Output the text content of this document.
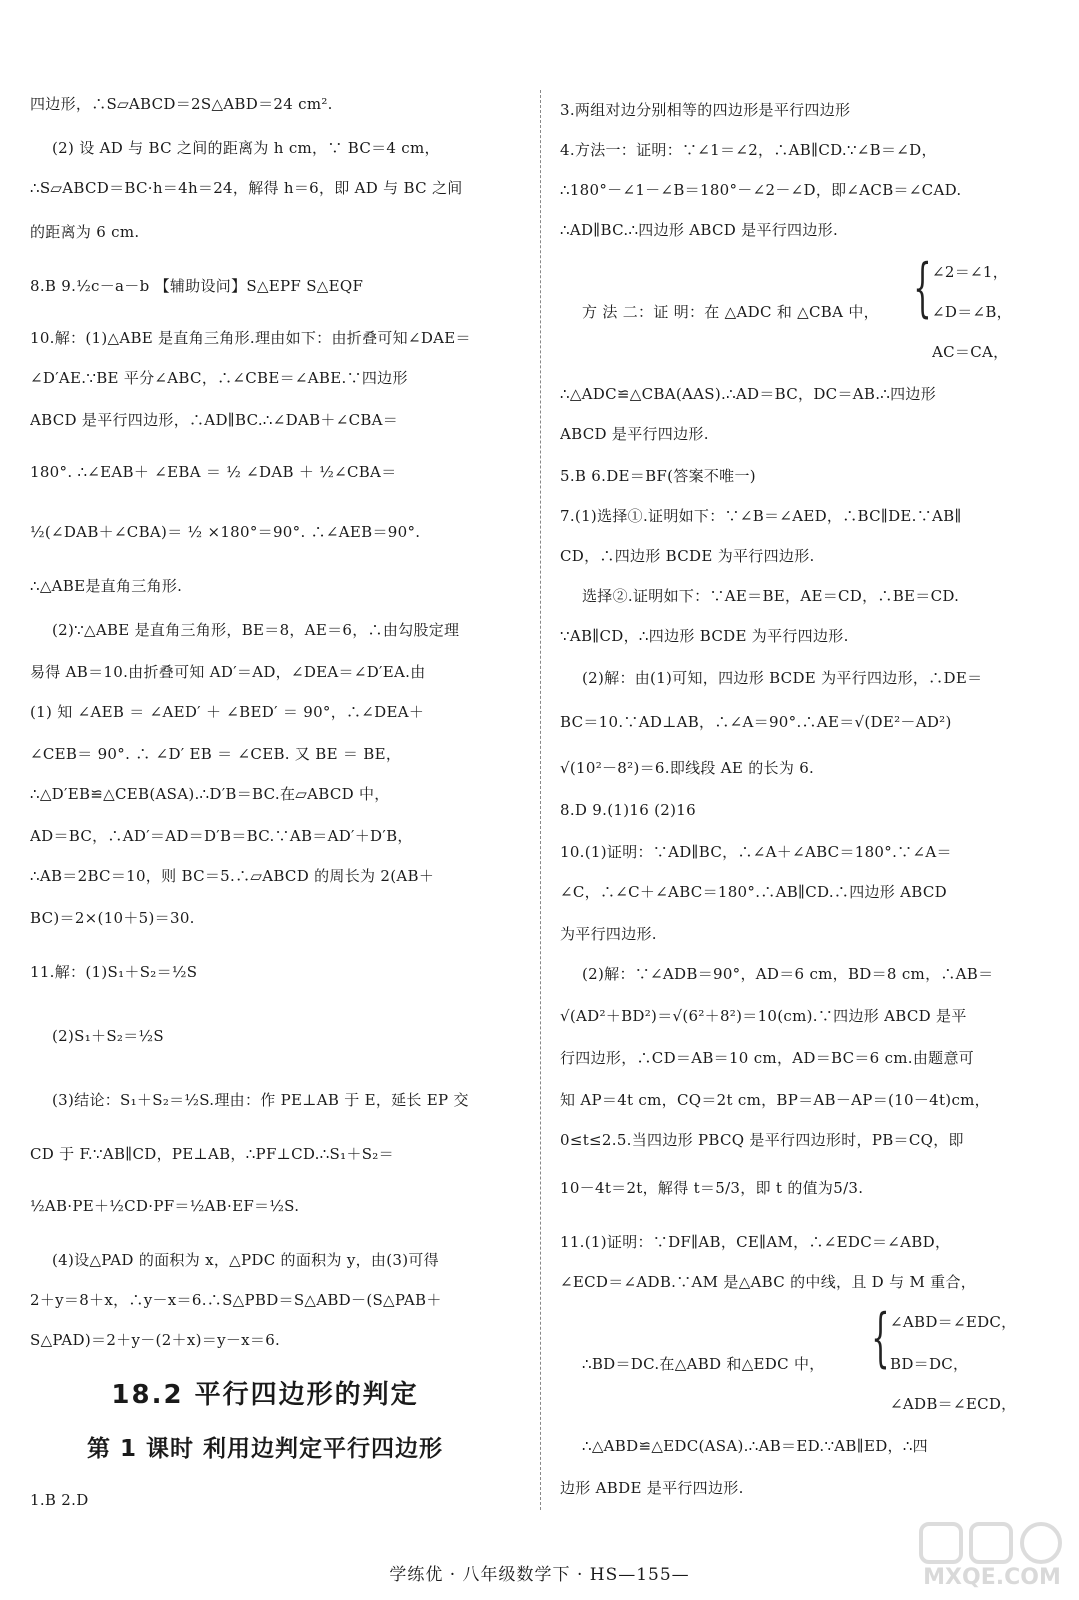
四边形，∴S▱ABCD＝2S△ABD＝24 cm².
(2) 设 AD 与 BC 之间的距离为 h cm，∵ BC＝4 cm，
∴S▱ABCD＝BC·h＝4h＝24，解得 h＝6，即 AD 与 BC 之间
的距离为 6 cm.
8.B 9.½c－a－b 【辅助设问】S△EPF S△EQF
10.解：(1)△ABE 是直角三角形.理由如下：由折叠可知∠DAE＝
∠D′AE.∵BE 平分∠ABC，∴∠CBE＝∠ABE.∵四边形
ABCD 是平行四边形，∴AD∥BC.∴∠DAB＋∠CBA＝
180°. ∴∠EAB＋ ∠EBA ＝ ½ ∠DAB ＋ ½∠CBA＝
½(∠DAB＋∠CBA)＝ ½ ×180°＝90°. ∴∠AEB＝90°.
∴△ABE是直角三角形.
(2)∵△ABE 是直角三角形，BE＝8，AE＝6，∴由勾股定理
易得 AB＝10.由折叠可知 AD′＝AD，∠DEA＝∠D′EA.由
(1) 知 ∠AEB ＝ ∠AED′ ＋ ∠BED′ ＝ 90°，∴∠DEA＋
∠CEB＝ 90°. ∴ ∠D′ EB ＝ ∠CEB. 又 BE ＝ BE，
∴△D′EB≌△CEB(ASA).∴D′B＝BC.在▱ABCD 中，
AD＝BC，∴AD′＝AD＝D′B＝BC.∵AB＝AD′＋D′B，
∴AB＝2BC＝10，则 BC＝5.∴▱ABCD 的周长为 2(AB＋
BC)＝2×(10＋5)＝30.
11.解：(1)S₁＋S₂＝½S
(2)S₁＋S₂＝½S
(3)结论：S₁＋S₂＝½S.理由：作 PE⊥AB 于 E，延长 EP 交
CD 于 F.∵AB∥CD，PE⊥AB，∴PF⊥CD.∴S₁＋S₂＝
½AB·PE＋½CD·PF＝½AB·EF＝½S.
(4)设△PAD 的面积为 x，△PDC 的面积为 y，由(3)可得
2＋y＝8＋x，∴y－x＝6.∴S△PBD＝S△ABD－(S△PAB＋
S△PAD)＝2＋y－(2＋x)＝y－x＝6.
18.2 平行四边形的判定
第 1 课时 利用边判定平行四边形
1.B 2.D
3.两组对边分别相等的四边形是平行四边形
4.方法一：证明：∵∠1＝∠2，∴AB∥CD.∵∠B＝∠D，
∴180°－∠1－∠B＝180°－∠2－∠D，即∠ACB＝∠CAD.
∴AD∥BC.∴四边形 ABCD 是平行四边形.
{ ∠2＝∠1，
方 法 二：证 明：在 △ADC 和 △CBA 中，	∠D＝∠B，
AC＝CA，
∴△ADC≌△CBA(AAS).∴AD＝BC，DC＝AB.∴四边形
ABCD 是平行四边形.
5.B 6.DE＝BF(答案不唯一)
7.(1)选择①.证明如下：∵∠B＝∠AED，∴BC∥DE.∵AB∥
CD，∴四边形 BCDE 为平行四边形.
选择②.证明如下：∵AE＝BE，AE＝CD，∴BE＝CD.
∵AB∥CD，∴四边形 BCDE 为平行四边形.
(2)解：由(1)可知，四边形 BCDE 为平行四边形，∴DE＝
BC＝10.∵AD⊥AB，∴∠A＝90°.∴AE＝√(DE²－AD²)
√(10²－8²)＝6.即线段 AE 的长为 6.
8.D 9.(1)16 (2)16
10.(1)证明：∵AD∥BC，∴∠A＋∠ABC＝180°.∵∠A＝
∠C，∴∠C＋∠ABC＝180°.∴AB∥CD.∴四边形 ABCD
为平行四边形.
(2)解：∵∠ADB＝90°，AD＝6 cm，BD＝8 cm，∴AB＝
√(AD²＋BD²)＝√(6²＋8²)＝10(cm).∵四边形 ABCD 是平
行四边形，∴CD＝AB＝10 cm，AD＝BC＝6 cm.由题意可
知 AP＝4t cm，CQ＝2t cm，BP＝AB－AP＝(10－4t)cm，
0≤t≤2.5.当四边形 PBCQ 是平行四边形时，PB＝CQ，即
10－4t＝2t，解得 t＝5/3，即 t 的值为5/3.
11.(1)证明：∵DF∥AB，CE∥AM，∴∠EDC＝∠ABD，
∠ECD＝∠ADB.∵AM 是△ABC 的中线，且 D 与 M 重合，
{ ∠ABD＝∠EDC，
∴BD＝DC.在△ABD 和△EDC 中，	BD＝DC，
∠ADB＝∠ECD，
∴△ABD≌△EDC(ASA).∴AB＝ED.∵AB∥ED，∴四
边形 ABDE 是平行四边形.
学练优 · 八年级数学下 · HS—155—	MXQE.COM
